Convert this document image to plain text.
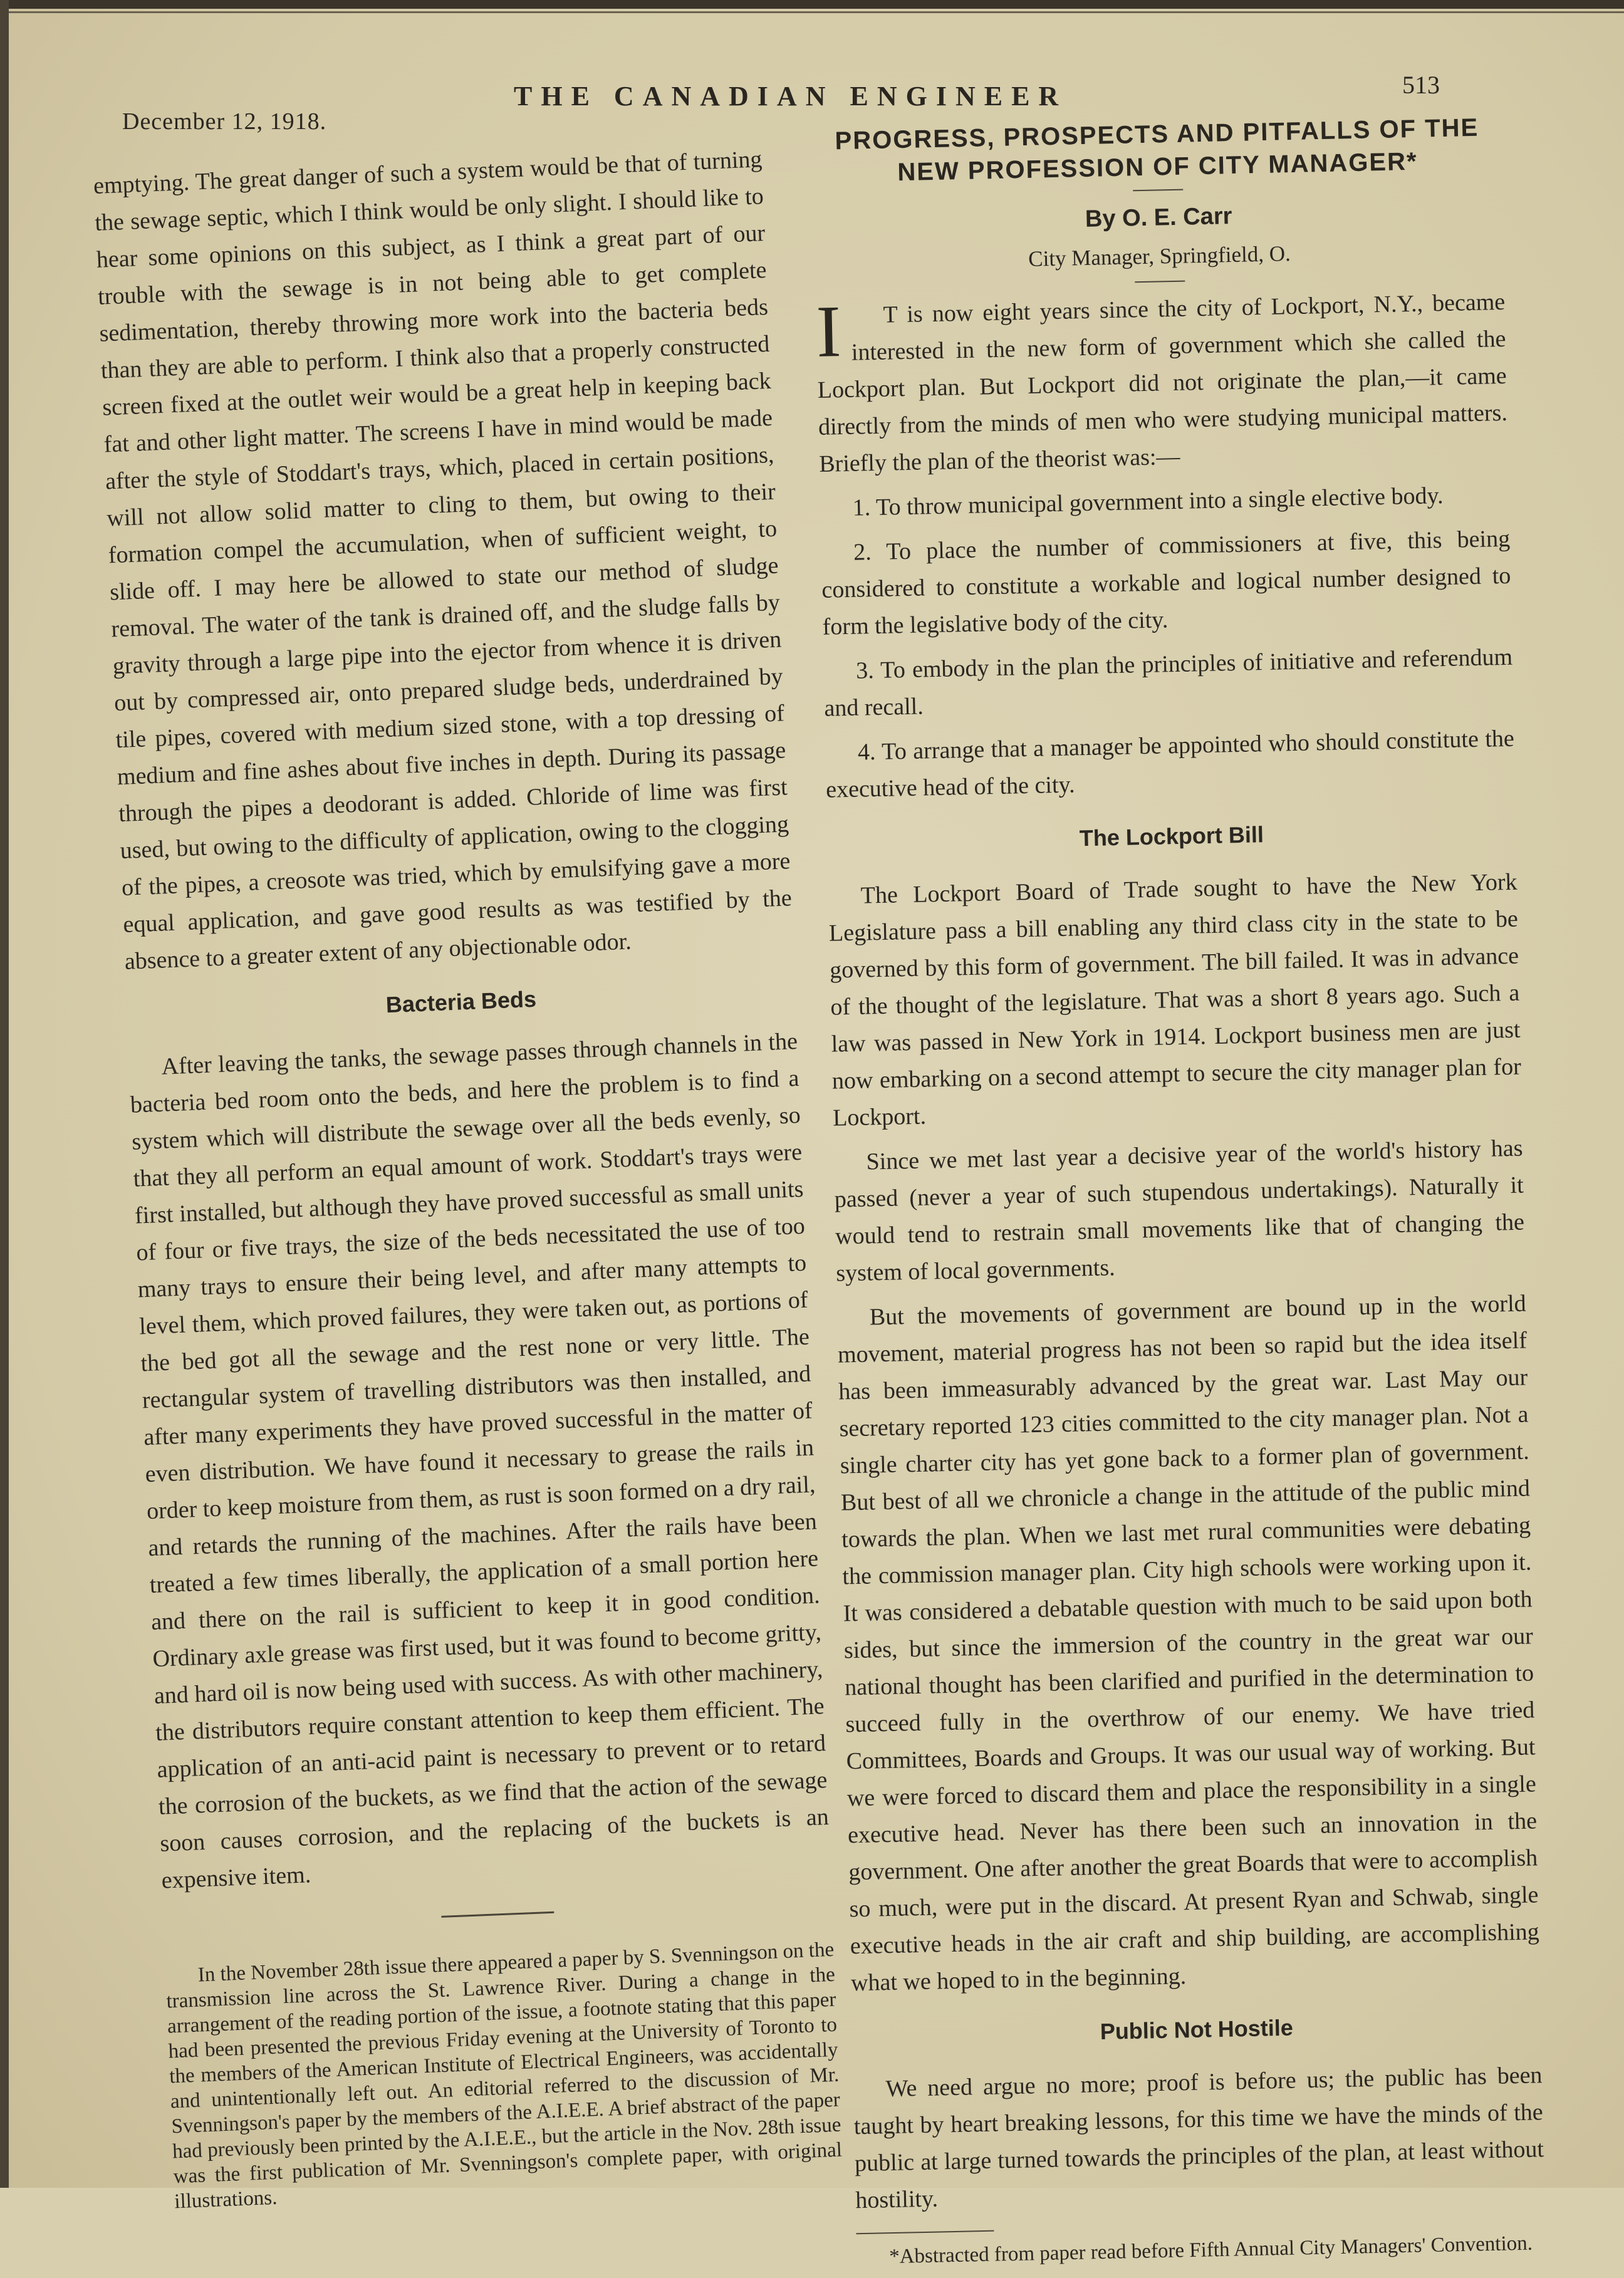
December 12, 1918.
THE CANADIAN ENGINEER	513

emptying. The great danger of such a system would be that of turning the sewage septic, which I think would be only slight. I should like to hear some opinions on this subject, as I think a great part of our trouble with the sewage is in not being able to get complete sedimentation, thereby throwing more work into the bacteria beds than they are able to perform. I think also that a properly constructed screen fixed at the outlet weir would be a great help in keeping back fat and other light matter. The screens I have in mind would be made after the style of Stoddart's trays, which, placed in certain positions, will not allow solid matter to cling to them, but owing to their formation compel the accumulation, when of sufficient weight, to slide off. I may here be allowed to state our method of sludge removal. The water of the tank is drained off, and the sludge falls by gravity through a large pipe into the ejector from whence it is driven out by compressed air, onto prepared sludge beds, underdrained by tile pipes, covered with medium sized stone, with a top dressing of medium and fine ashes about five inches in depth. During its passage through the pipes a deodorant is added. Chloride of lime was first used, but owing to the difficulty of application, owing to the clogging of the pipes, a creosote was tried, which by emulsifying gave a more equal application, and gave good results as was testified by the absence to a greater extent of any objectionable odor.

Bacteria Beds

After leaving the tanks, the sewage passes through channels in the bacteria bed room onto the beds, and here the problem is to find a system which will distribute the sewage over all the beds evenly, so that they all perform an equal amount of work. Stoddart's trays were first installed, but although they have proved successful as small units of four or five trays, the size of the beds necessitated the use of too many trays to ensure their being level, and after many attempts to level them, which proved failures, they were taken out, as portions of the bed got all the sewage and the rest none or very little. The rectangular system of travelling distributors was then installed, and after many experiments they have proved successful in the matter of even distribution. We have found it necessary to grease the rails in order to keep moisture from them, as rust is soon formed on a dry rail, and retards the running of the machines. After the rails have been treated a few times liberally, the application of a small portion here and there on the rail is sufficient to keep it in good condition. Ordinary axle grease was first used, but it was found to become gritty, and hard oil is now being used with success. As with other machinery, the distributors require constant attention to keep them efficient. The application of an anti-acid paint is necessary to prevent or to retard the corrosion of the buckets, as we find that the action of the sewage soon causes corrosion, and the replacing of the buckets is an expensive item.

In the November 28th issue there appeared a paper by S. Svenningson on the transmission line across the St. Lawrence River. During a change in the arrangement of the reading portion of the issue, a footnote stating that this paper had been presented the previous Friday evening at the University of Toronto to the members of the American Institute of Electrical Engineers, was accidentally and unintentionally left out. An editorial referred to the discussion of Mr. Svenningson's paper by the members of the A.I.E.E. A brief abstract of the paper had previously been printed by the A.I.E.E., but the article in the Nov. 28th issue was the first publication of Mr. Svenningson's complete paper, with original illustrations.

PROGRESS, PROSPECTS AND PITFALLS OF THE
NEW PROFESSION OF CITY MANAGER*
By O. E. Carr
City Manager, Springfield, O.
I	T is now eight years since the city of Lockport, N.Y., became interested in the new form of government which she called the Lockport plan. But Lockport did not originate the plan,—it came directly from the minds of men who were studying municipal matters. Briefly the plan of the theorist was:—

1. To throw municipal government into a single elective body.

2. To place the number of commissioners at five, this being considered to constitute a workable and logical number designed to form the legislative body of the city.

3. To embody in the plan the principles of initiative and referendum and recall.

4. To arrange that a manager be appointed who should constitute the executive head of the city.

The Lockport Bill

The Lockport Board of Trade sought to have the New York Legislature pass a bill enabling any third class city in the state to be governed by this form of government. The bill failed. It was in advance of the thought of the legislature. That was a short 8 years ago. Such a law was passed in New York in 1914. Lockport business men are just now embarking on a second attempt to secure the city manager plan for Lockport.

Since we met last year a decisive year of the world's history has passed (never a year of such stupendous undertakings). Naturally it would tend to restrain small movements like that of changing the system of local governments.

But the movements of government are bound up in the world movement, material progress has not been so rapid but the idea itself has been immeasurably advanced by the great war. Last May our secretary reported 123 cities committed to the city manager plan. Not a single charter city has yet gone back to a former plan of government. But best of all we chronicle a change in the attitude of the public mind towards the plan. When we last met rural communities were debating the commission manager plan. City high schools were working upon it. It was considered a debatable question with much to be said upon both sides, but since the immersion of the country in the great war our national thought has been clarified and purified in the determination to succeed fully in the overthrow of our enemy. We have tried Committees, Boards and Groups. It was our usual way of working. But we were forced to discard them and place the responsibility in a single executive head. Never has there been such an innovation in the government. One after another the great Boards that were to accomplish so much, were put in the discard. At present Ryan and Schwab, single executive heads in the air craft and ship building, are accomplishing what we hoped to in the beginning.

Public Not Hostile

We need argue no more; proof is before us; the public has been taught by heart breaking lessons, for this time we have the minds of the public at large turned towards the principles of the plan, at least without hostility.

*Abstracted from paper read before Fifth Annual City Managers' Convention.
